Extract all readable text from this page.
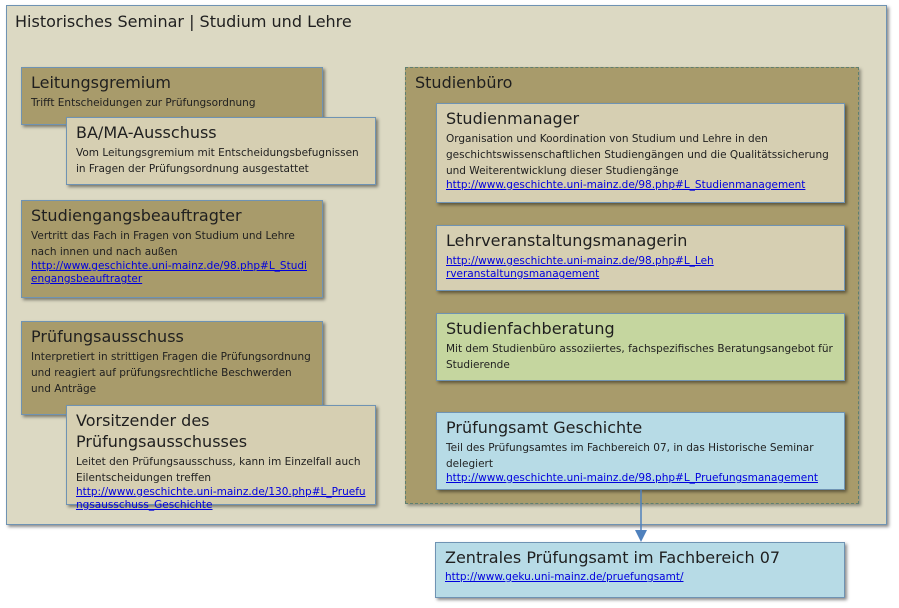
Historisches Seminar | Studium und Lehre
Leitungsgremium
Trifft Entscheidungen zur Prüfungsordnung
BA/MA-Ausschuss
Vom Leitungsgremium mit Entscheidungsbefugnissen in Fragen der Prüfungsordnung ausgestattet
Studiengangsbeauftragter
Vertritt das Fach in Fragen von Studium und Lehre nach innen und nach außen
http://www.geschichte.uni-mainz.de/98.php#L_Studiengangsbeauftragter
Prüfungsausschuss
Interpretiert in strittigen Fragen die Prüfungsordnung und reagiert auf prüfungsrechtliche Beschwerden und Anträge
Vorsitzender des Prüfungsausschusses
Leitet den Prüfungsausschuss, kann im Einzelfall auch Eilentscheidungen treffen
http://www.geschichte.uni-mainz.de/130.php#L_Pruefungsausschuss_Geschichte
Studienbüro
Studienmanager
Organisation und Koordination von Studium und Lehre in den geschichtswissenschaftlichen Studiengängen und die Qualitätssicherung und Weiterentwicklung dieser Studiengänge
http://www.geschichte.uni-mainz.de/98.php#L_Studienmanagement
Lehrveranstaltungsmanagerin
http://www.geschichte.uni-mainz.de/98.php#L_Lehrveranstaltungsmanagement
Studienfachberatung
Mit dem Studienbüro assoziiertes, fachspezifisches Beratungsangebot für Studierende
Prüfungsamt Geschichte
Teil des Prüfungsamtes im Fachbereich 07, in das Historische Seminar delegiert
http://www.geschichte.uni-mainz.de/98.php#L_Pruefungsmanagement
Zentrales Prüfungsamt im Fachbereich 07
http://www.geku.uni-mainz.de/pruefungsamt/
